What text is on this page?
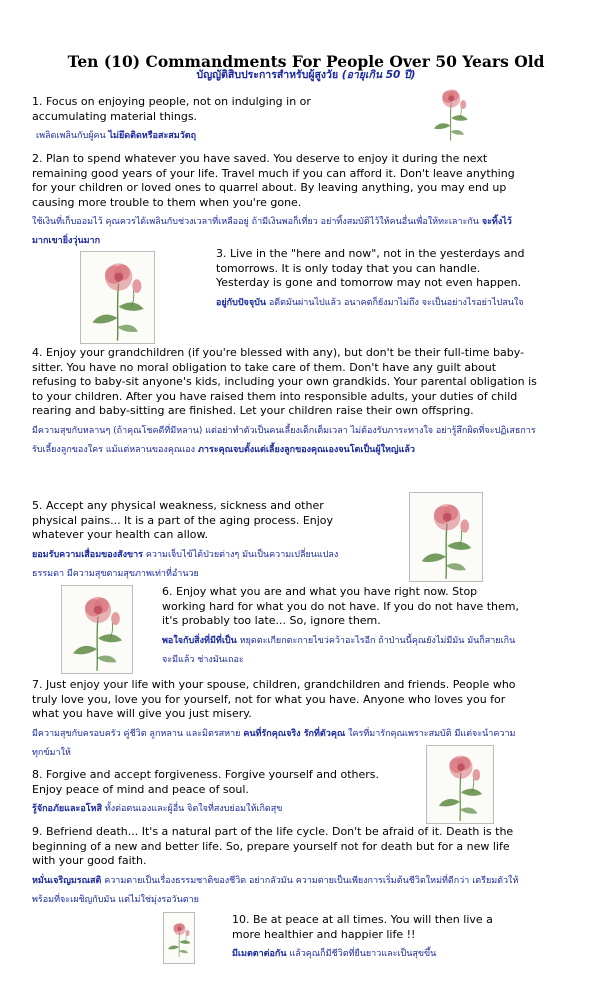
Ten (10) Commandments For People Over 50 Years Old
บัญญัติสิบประการสำหรับผู้สูงวัย (อายุเกิน 50 ปี)

1. Focus on enjoying people, not on indulging in or accumulating material things.

เพลิดเพลินกับผู้คน ไม่ยึดติดหรือสะสมวัตถุ

2. Plan to spend whatever you have saved. You deserve to enjoy it during the next remaining good years of your life. Travel much if you can afford it. Don't leave anything for your children or loved ones to quarrel about. By leaving anything, you may end up causing more trouble to them when you're gone.

ใช้เงินที่เก็บออมไว้ คุณควรได้เพลินกับช่วงเวลาที่เหลืออยู่ ถ้ามีเงินพอก็เที่ยว อย่าทิ้งสมบัติไว้ให้คนอื่นเพื่อให้ทะเลาะกัน จะทิ้งไว้มากเขายิ่งวุ่นมาก

3. Live in the "here and now", not in the yesterdays and tomorrows. It is only today that you can handle. Yesterday is gone and tomorrow may not even happen.

อยู่กับปัจจุบัน อดีตมันผ่านไปแล้ว อนาคตก็ยังมาไม่ถึง จะเป็นอย่างไรอย่าไปสนใจ

4. Enjoy your grandchildren (if you're blessed with any), but don't be their full-time baby-sitter. You have no moral obligation to take care of them. Don't have any guilt about refusing to baby-sit anyone's kids, including your own grandkids. Your parental obligation is to your children. After you have raised them into responsible adults, your duties of child rearing and baby-sitting are finished. Let your children raise their own offspring.

มีความสุขกับหลานๆ (ถ้าคุณโชคดีที่มีหลาน) แต่อย่าทำตัวเป็นคนเลี้ยงเด็กเต็มเวลา ไม่ต้องรับภาระทางใจ อย่ารู้สึกผิดที่จะปฏิเสธการรับเลี้ยงลูกของใคร แม้แต่หลานของคุณเอง ภาระคุณจบตั้งแต่เลี้ยงลูกของคุณเองจนโตเป็นผู้ใหญ่แล้ว

5. Accept any physical weakness, sickness and other physical pains... It is a part of the aging process. Enjoy whatever your health can allow.

ยอมรับความเสื่อมของสังขาร ความเจ็บไข้ได้ป่วยต่างๆ มันเป็นความเปลี่ยนแปลงธรรมดา มีความสุขตามสุขภาพเท่าที่อำนวย

6. Enjoy what you are and what you have right now. Stop working hard for what you do not have. If you do not have them, it's probably too late... So, ignore them.

พอใจกับสิ่งที่มีที่เป็น หยุดตะเกียกตะกายไขว่คว้าอะไรอีก ถ้าป่านนี้คุณยังไม่มีมัน มันก็สายเกินจะมีแล้ว ช่างมันเถอะ

7. Just enjoy your life with your spouse, children, grandchildren and friends. People who truly love you, love you for yourself, not for what you have. Anyone who loves you for what you have will give you just misery.

มีความสุขกับครอบครัว คู่ชีวิต ลูกหลาน และมิตรสหาย คนที่รักคุณจริง รักที่ตัวคุณ ใครที่มารักคุณเพราะสมบัติ มีแต่จะนำความทุกข์มาให้

8. Forgive and accept forgiveness. Forgive yourself and others. Enjoy peace of mind and peace of soul.

รู้จักอภัยและอโหสิ ทั้งต่อตนเองและผู้อื่น จิตใจที่สงบย่อมให้เกิดสุข

9. Befriend death... It's a natural part of the life cycle. Don't be afraid of it. Death is the beginning of a new and better life. So, prepare yourself not for death but for a new life with your good faith.

หมั่นเจริญมรณสติ ความตายเป็นเรื่องธรรมชาติของชีวิต อย่ากลัวมัน ความตายเป็นเพียงการเริ่มต้นชีวิตใหม่ที่ดีกว่า เตรียมตัวให้พร้อมที่จะเผชิญกับมัน แต่ไม่ใช่มุ่งรอวันตาย

10. Be at peace at all times. You will then live a more healthier and happier life !!

มีเมตตาต่อกัน แล้วคุณก็มีชีวิตที่ยืนยาวและเป็นสุขขึ้น
